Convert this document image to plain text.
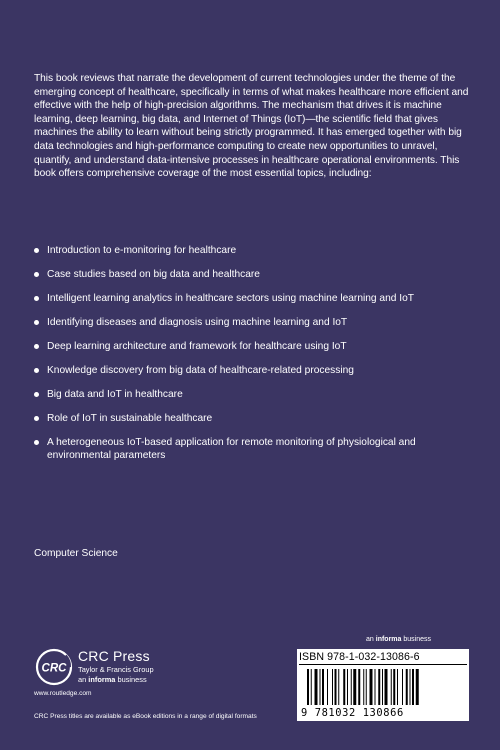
This book reviews that narrate the development of current technologies under the theme of the emerging concept of healthcare, specifically in terms of what makes healthcare more efficient and effective with the help of high-precision algorithms. The mechanism that drives it is machine learning, deep learning, big data, and Internet of Things (IoT)—the scientific field that gives machines the ability to learn without being strictly programmed. It has emerged together with big data technologies and high-performance computing to create new opportunities to unravel, quantify, and understand data-intensive processes in healthcare operational environments. This book offers comprehensive coverage of the most essential topics, including:

Introduction to e-monitoring for healthcare
Case studies based on big data and healthcare
Intelligent learning analytics in healthcare sectors using machine learning and IoT
Identifying diseases and diagnosis using machine learning and IoT
Deep learning architecture and framework for healthcare using IoT
Knowledge discovery from big data of healthcare-related processing
Big data and IoT in healthcare
Role of IoT in sustainable healthcare
A heterogeneous IoT-based application for remote monitoring of physiological and environmental parameters
Computer Science
CRC
CRC Press
Taylor & Francis Group
an informa business
www.routledge.com
CRC Press titles are available as eBook editions in a range of digital formats
an informa business
ISBN 978-1-032-13086-6
9 781032 130866
